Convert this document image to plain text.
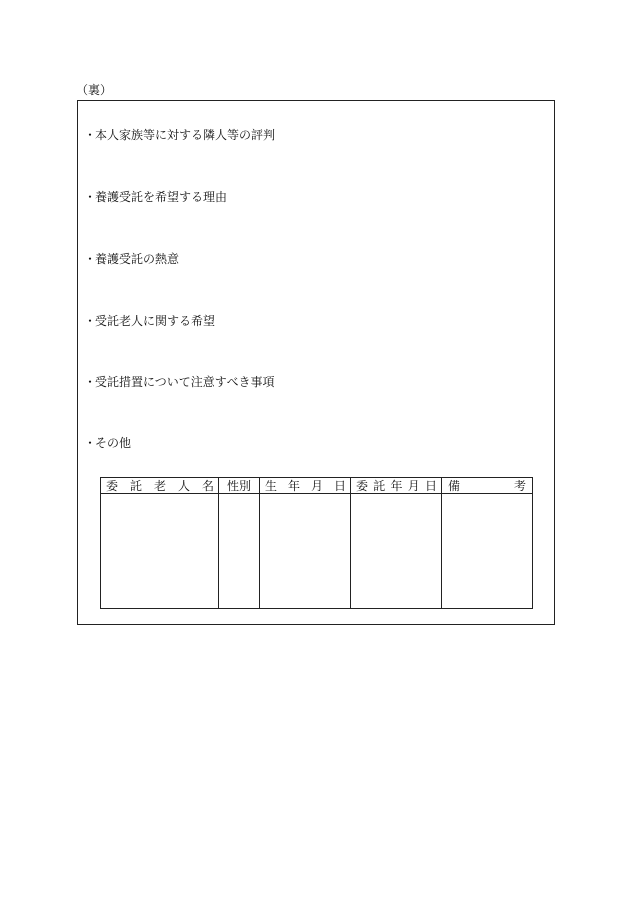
（裏）
・本人家族等に対する隣人等の評判
・養護受託を希望する理由
・養護受託の熱意
・受託老人に関する希望
・受託措置について注意すべき事項
・その他
委 託 老 人 名	性別	生 年 月 日	委 託 年 月 日	備 考
